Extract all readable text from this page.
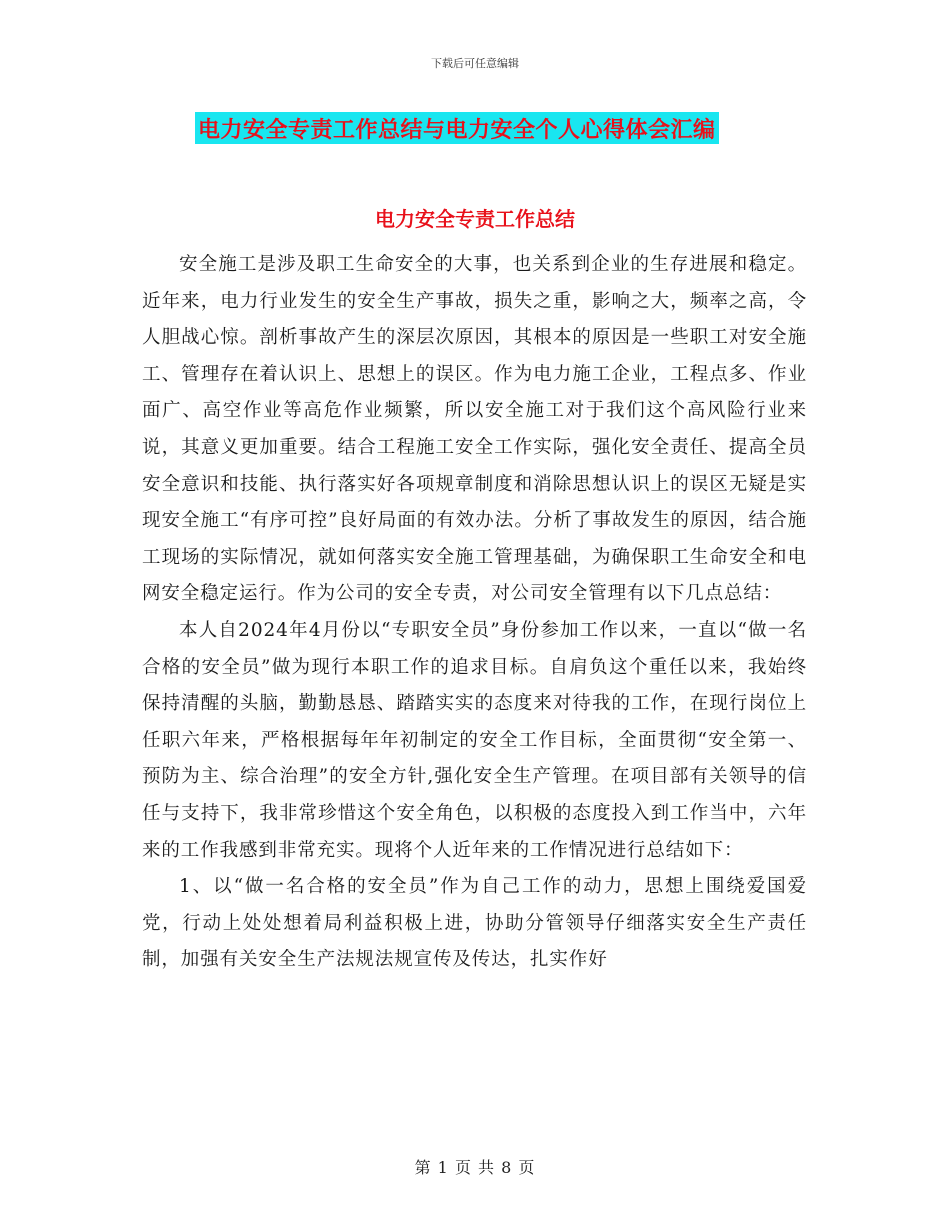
下载后可任意编辑
电力安全专责工作总结与电力安全个人心得体会汇编
电力安全专责工作总结

安全施工是涉及职工生命安全的大事，也关系到企业的生存进展和稳定。近年来，电力行业发生的安全生产事故，损失之重，影响之大，频率之高，令人胆战心惊。剖析事故产生的深层次原因，其根本的原因是一些职工对安全施工、管理存在着认识上、思想上的误区。作为电力施工企业，工程点多、作业面广、高空作业等高危作业频繁，所以安全施工对于我们这个高风险行业来说，其意义更加重要。结合工程施工安全工作实际，强化安全责任、提高全员安全意识和技能、执行落实好各项规章制度和消除思想认识上的误区无疑是实现安全施工“有序可控”良好局面的有效办法。分析了事故发生的原因，结合施工现场的实际情况，就如何落实安全施工管理基础，为确保职工生命安全和电网安全稳定运行。作为公司的安全专责，对公司安全管理有以下几点总结：

本人自2024年4月份以“专职安全员”身份参加工作以来，一直以“做一名合格的安全员”做为现行本职工作的追求目标。自肩负这个重任以来，我始终保持清醒的头脑，勤勤恳恳、踏踏实实的态度来对待我的工作，在现行岗位上任职六年来，严格根据每年年初制定的安全工作目标，全面贯彻“安全第一、预防为主、综合治理”的安全方针,强化安全生产管理。在项目部有关领导的信任与支持下，我非常珍惜这个安全角色，以积极的态度投入到工作当中，六年来的工作我感到非常充实。现将个人近年来的工作情况进行总结如下：

1、以“做一名合格的安全员”作为自己工作的动力，思想上围绕爱国爱党，行动上处处想着局利益积极上进，协助分管领导仔细落实安全生产责任制，加强有关安全生产法规法规宣传及传达，扎实作好

第 1 页 共 8 页
